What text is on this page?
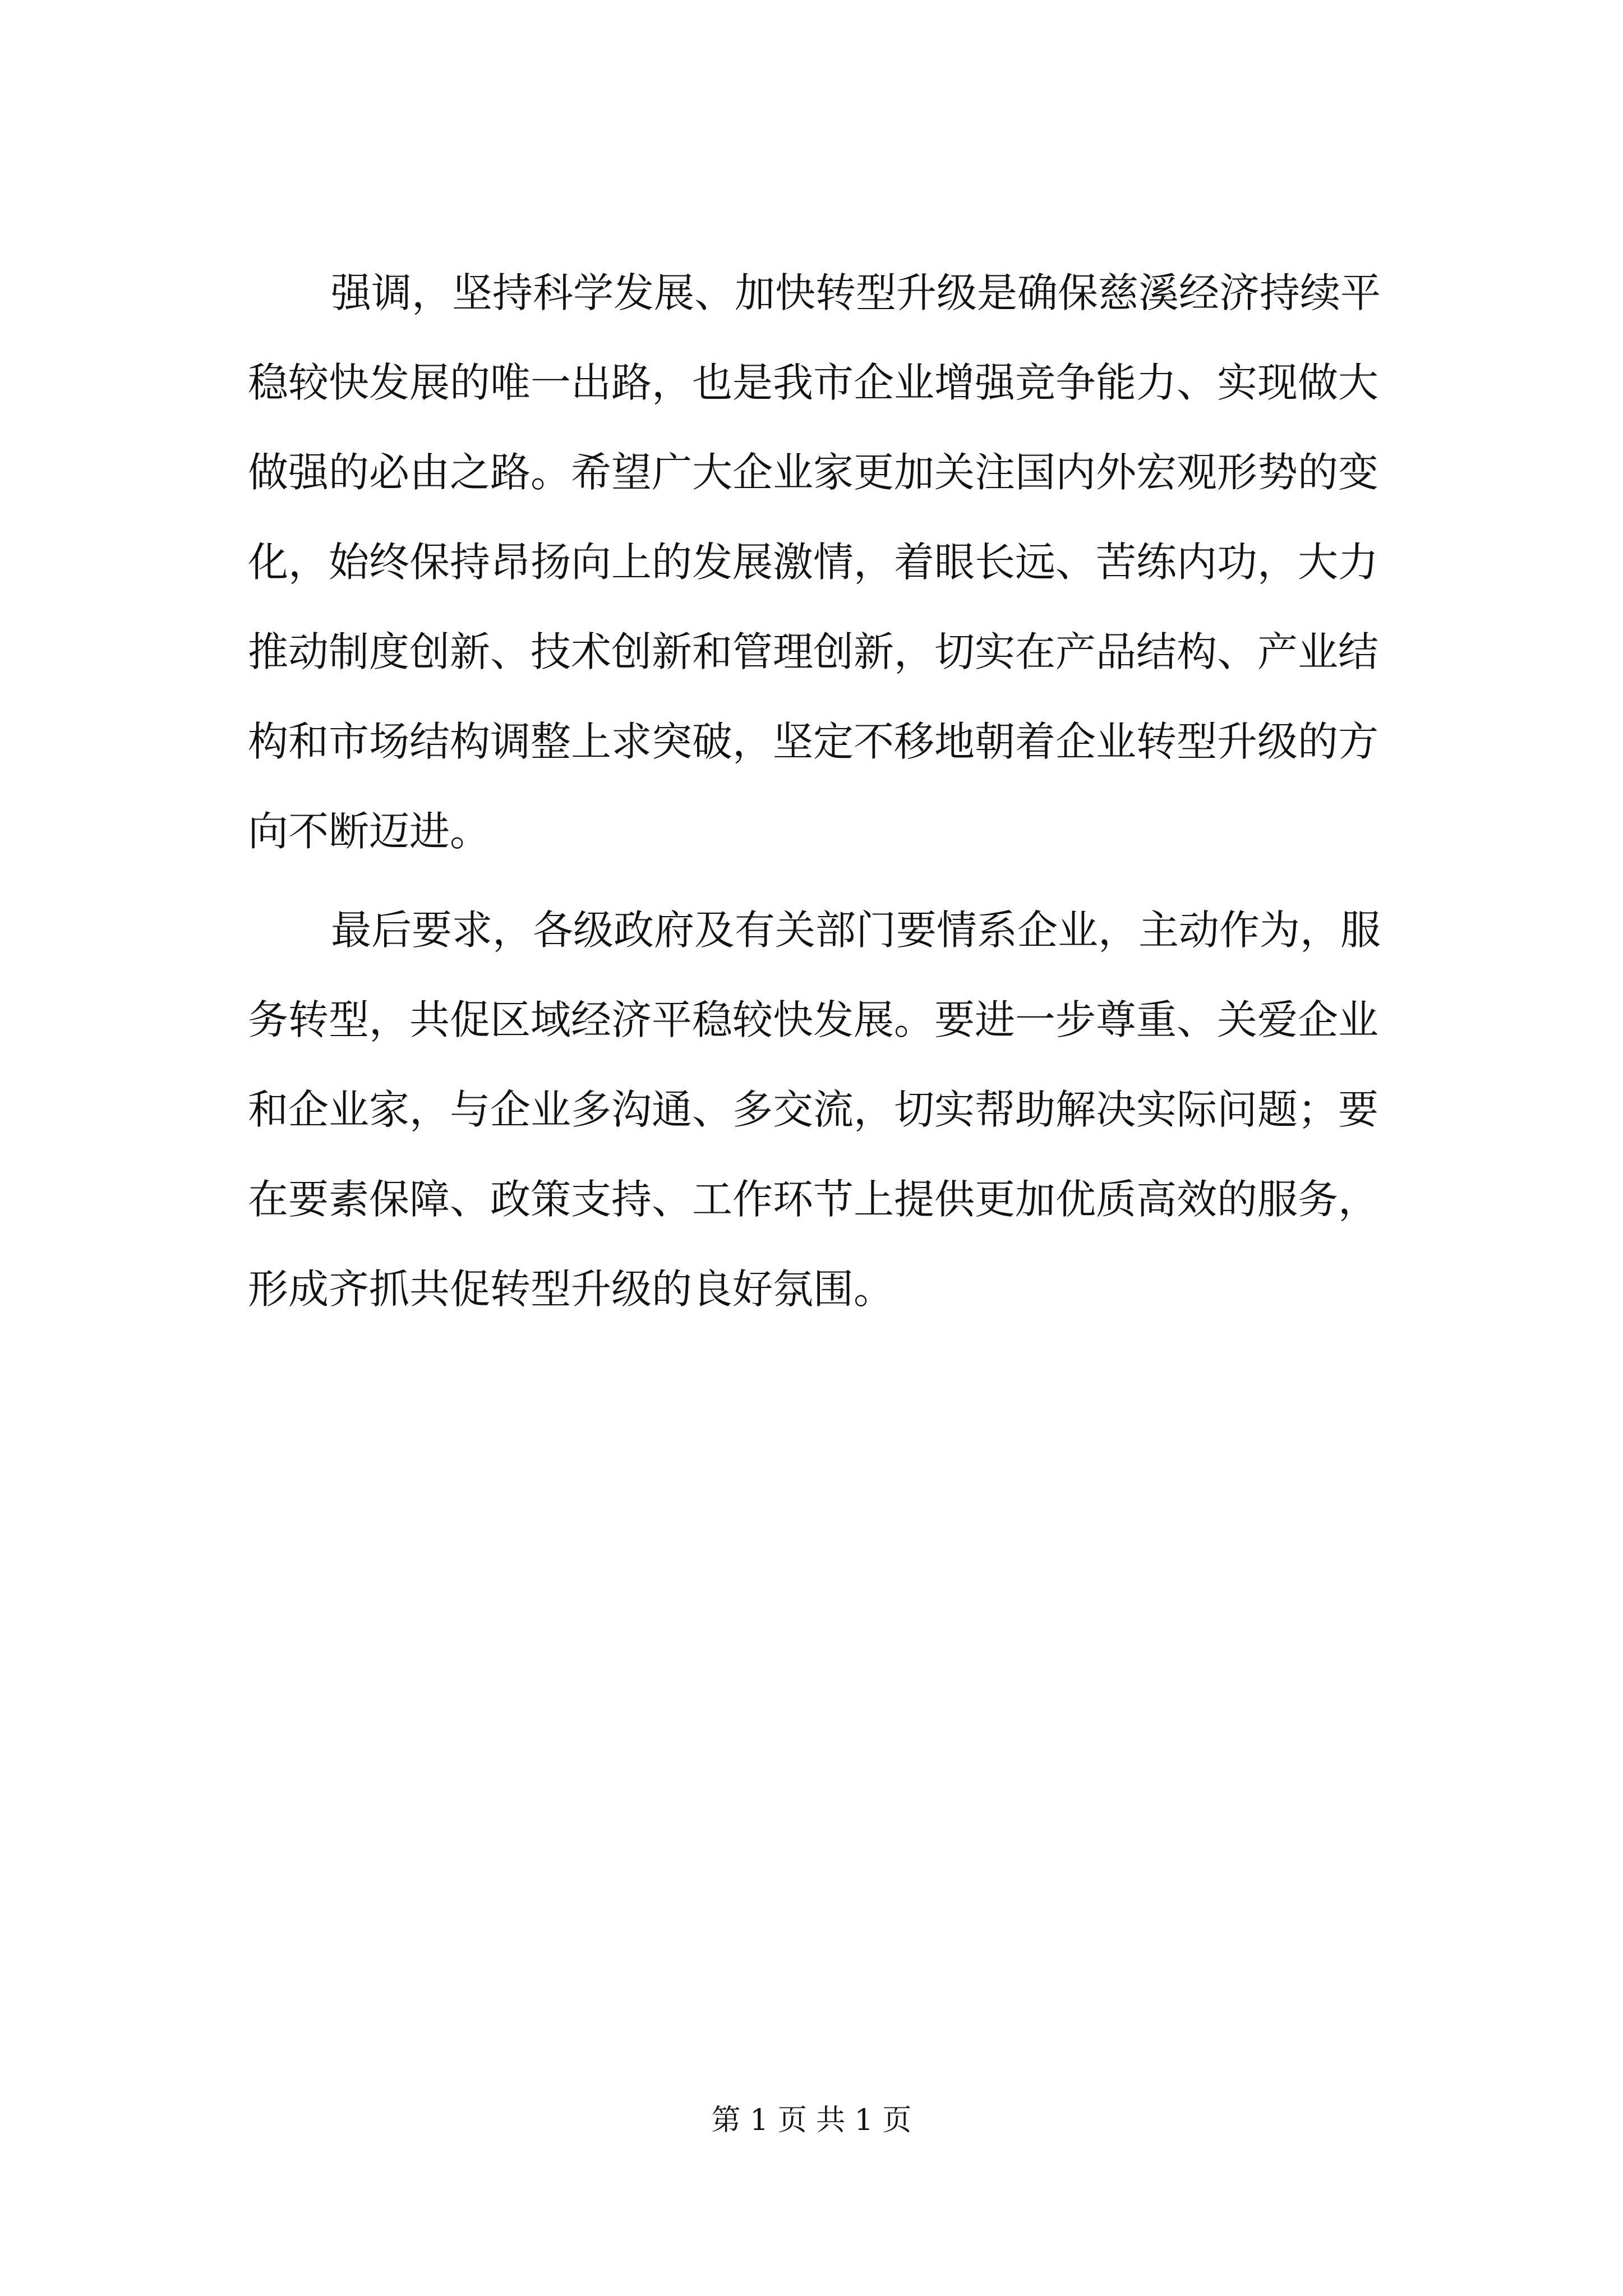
强调，坚持科学发展、加快转型升级是确保慈溪经济持续平
稳较快发展的唯一出路，也是我市企业增强竞争能力、实现做大
做强的必由之路。希望广大企业家更加关注国内外宏观形势的变
化，始终保持昂扬向上的发展激情，着眼长远、苦练内功，大力
推动制度创新、技术创新和管理创新，切实在产品结构、产业结
构和市场结构调整上求突破，坚定不移地朝着企业转型升级的方
向不断迈进。
最后要求，各级政府及有关部门要情系企业，主动作为，服
务转型，共促区域经济平稳较快发展。要进一步尊重、关爱企业
和企业家，与企业多沟通、多交流，切实帮助解决实际问题；要
在要素保障、政策支持、工作环节上提供更加优质高效的服务，
形成齐抓共促转型升级的良好氛围。
第 1 页 共 1 页
